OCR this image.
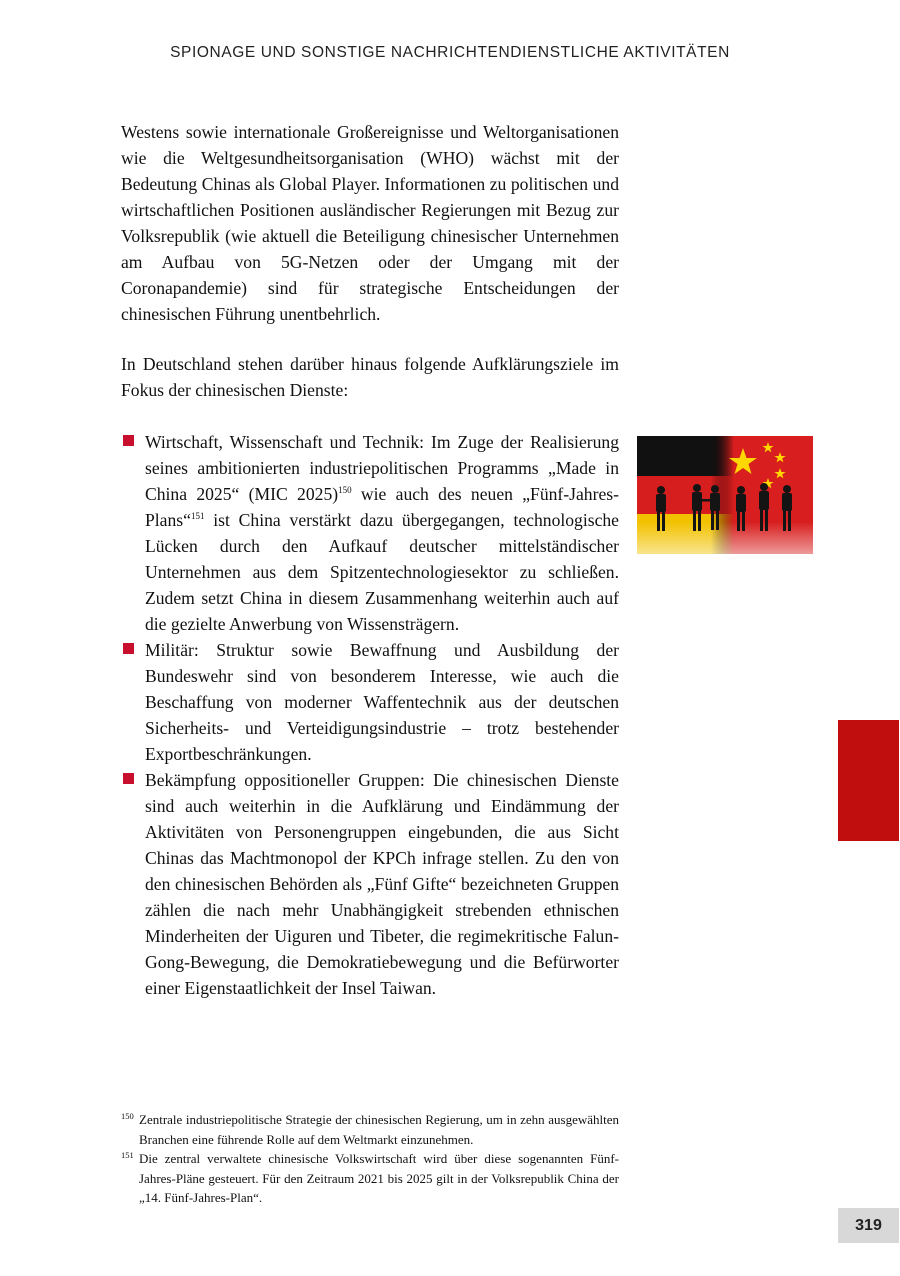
SPIONAGE UND SONSTIGE NACHRICHTENDIENSTLICHE AKTIVITÄTEN

Westens sowie internationale Großereignisse und Weltorganisationen wie die Weltgesundheitsorganisation (WHO) wächst mit der Bedeutung Chinas als Global Player. Informationen zu politischen und wirtschaftlichen Positionen ausländischer Regierungen mit Bezug zur Volksrepublik (wie aktuell die Beteiligung chinesischer Unternehmen am Aufbau von 5G-Netzen oder der Umgang mit der Coronapandemie) sind für strategische Entscheidungen der chinesischen Führung unentbehrlich.

In Deutschland stehen darüber hinaus folgende Aufklärungsziele im Fokus der chinesischen Dienste:

Wirtschaft, Wissenschaft und Technik: Im Zuge der Realisierung seines ambitionierten industriepolitischen Programms „Made in China 2025“ (MIC 2025)$^{150}$ wie auch des neuen „Fünf-Jahres-Plans“$^{151}$ ist China verstärkt dazu übergegangen, technologische Lücken durch den Aufkauf deutscher mittelständischer Unternehmen aus dem Spitzentechnologiesektor zu schließen. Zudem setzt China in diesem Zusammenhang weiterhin auch auf die gezielte Anwerbung von Wissensträgern.
Militär: Struktur sowie Bewaffnung und Ausbildung der Bundeswehr sind von besonderem Interesse, wie auch die Beschaffung von moderner Waffentechnik aus der deutschen Sicherheits- und Verteidigungsindustrie – trotz bestehender Exportbeschränkungen.
Bekämpfung oppositioneller Gruppen: Die chinesischen Dienste sind auch weiterhin in die Aufklärung und Eindämmung der Aktivitäten von Personengruppen eingebunden, die aus Sicht Chinas das Machtmonopol der KPCh infrage stellen. Zu den von den chinesischen Behörden als „Fünf Gifte“ bezeichneten Gruppen zählen die nach mehr Unabhängigkeit strebenden ethnischen Minderheiten der Uiguren und Tibeter, die regimekritische Falun-Gong-Bewegung, die Demokratiebewegung und die Befürworter einer Eigenstaatlichkeit der Insel Taiwan.
150 Zentrale industriepolitische Strategie der chinesischen Regierung, um in zehn ausgewählten Branchen eine führende Rolle auf dem Weltmarkt einzunehmen.
151 Die zentral verwaltete chinesische Volkswirtschaft wird über diese sogenannten Fünf-Jahres-Pläne gesteuert. Für den Zeitraum 2021 bis 2025 gilt in der Volksrepublik China der „14. Fünf-Jahres-Plan“.
319
